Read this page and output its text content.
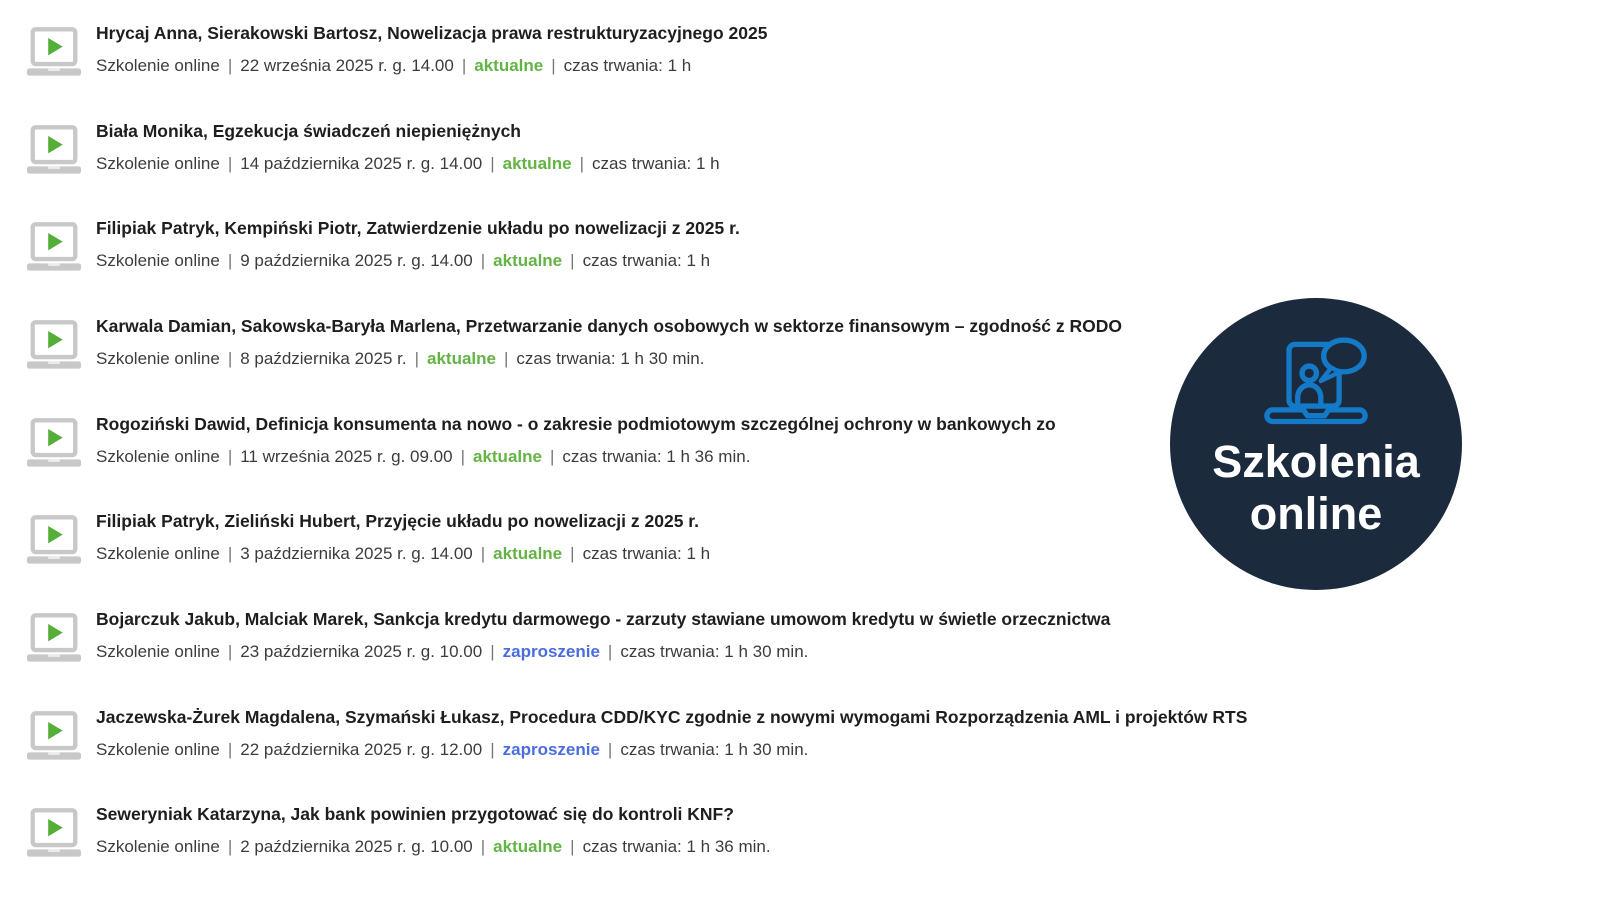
Hrycaj Anna, Sierakowski Bartosz, Nowelizacja prawa restrukturyzacyjnego 2025
Szkolenie online | 22 września 2025 r. g. 14.00 | aktualne | czas trwania: 1 h
Biała Monika, Egzekucja świadczeń niepieniężnych
Szkolenie online | 14 października 2025 r. g. 14.00 | aktualne | czas trwania: 1 h
Filipiak Patryk, Kempiński Piotr, Zatwierdzenie układu po nowelizacji z 2025 r.
Szkolenie online | 9 października 2025 r. g. 14.00 | aktualne | czas trwania: 1 h
Karwala Damian, Sakowska-Baryła Marlena, Przetwarzanie danych osobowych w sektorze finansowym – zgodność z RODO
Szkolenie online | 8 października 2025 r. | aktualne | czas trwania: 1 h 30 min.
Rogoziński Dawid, Definicja konsumenta na nowo - o zakresie podmiotowym szczególnej ochrony w bankowych zo
Szkolenie online | 11 września 2025 r. g. 09.00 | aktualne | czas trwania: 1 h 36 min.
Filipiak Patryk, Zieliński Hubert, Przyjęcie układu po nowelizacji z 2025 r.
Szkolenie online | 3 października 2025 r. g. 14.00 | aktualne | czas trwania: 1 h
Bojarczuk Jakub, Malciak Marek, Sankcja kredytu darmowego - zarzuty stawiane umowom kredytu w świetle orzecznictwa
Szkolenie online | 23 października 2025 r. g. 10.00 | zaproszenie | czas trwania: 1 h 30 min.
Jaczewska-Żurek Magdalena, Szymański Łukasz, Procedura CDD/KYC zgodnie z nowymi wymogami Rozporządzenia AML i projektów RTS
Szkolenie online | 22 października 2025 r. g. 12.00 | zaproszenie | czas trwania: 1 h 30 min.
Seweryniak Katarzyna, Jak bank powinien przygotować się do kontroli KNF?
Szkolenie online | 2 października 2025 r. g. 10.00 | aktualne | czas trwania: 1 h 36 min.
Szkolenia
online
